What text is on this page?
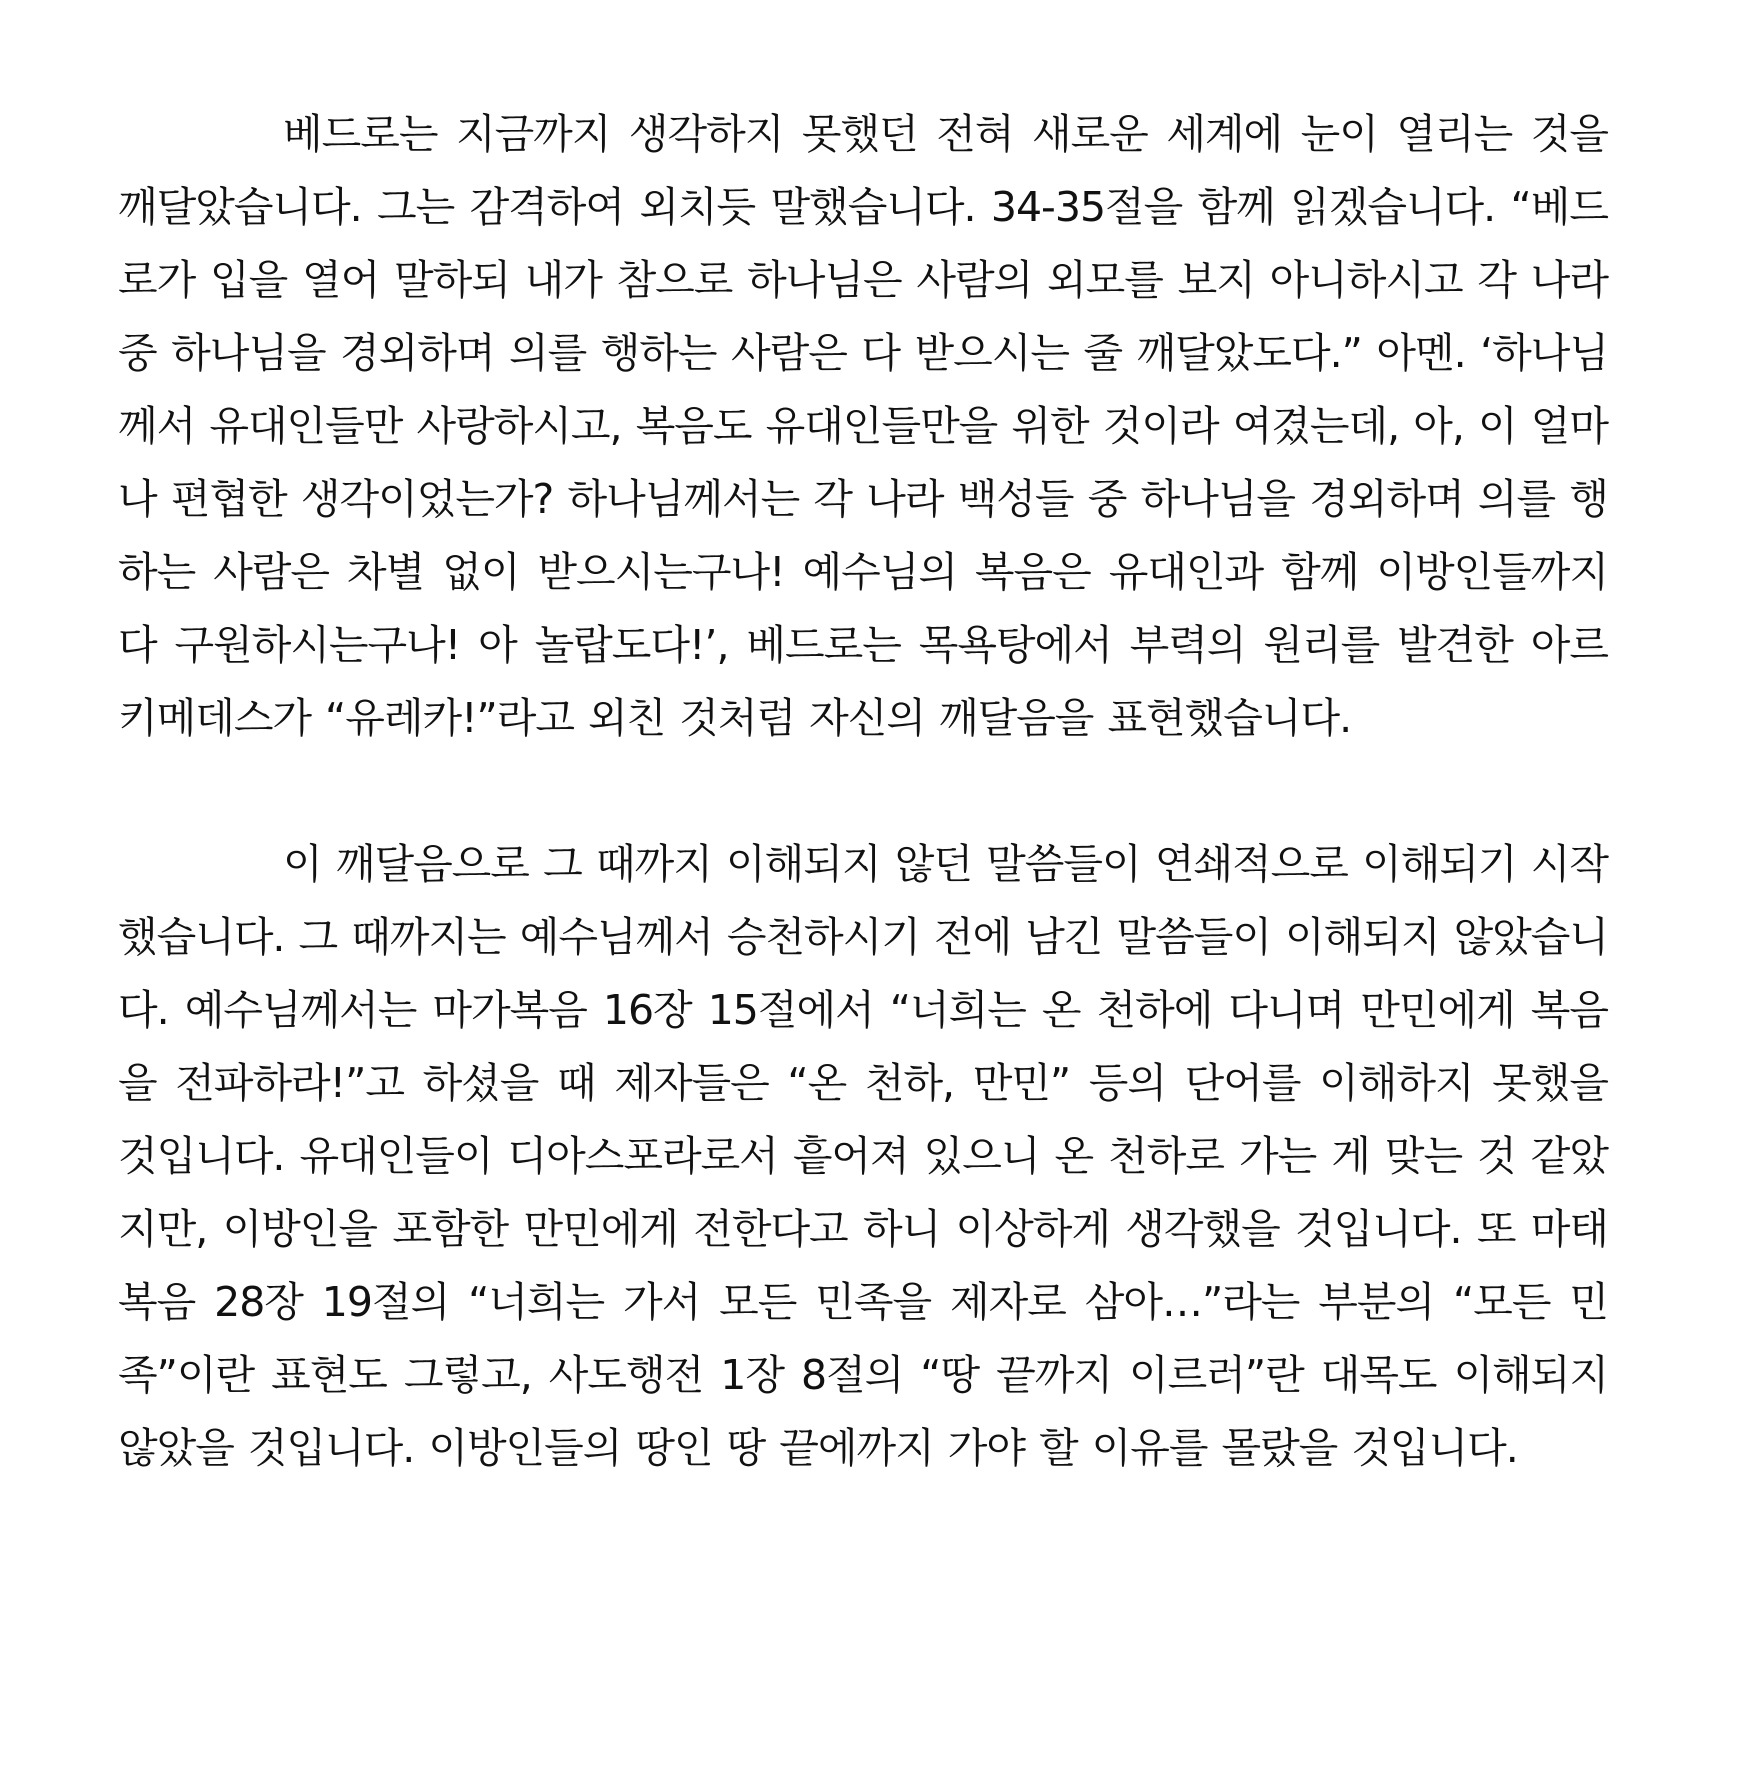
베드로는 지금까지 생각하지 못했던 전혀 새로운 세계에 눈이 열리는 것을 깨달았습니다. 그는 감격하여 외치듯 말했습니다. 34-35절을 함께 읽겠습니다. “베드로가 입을 열어 말하되 내가 참으로 하나님은 사람의 외모를 보지 아니하시고 각 나라 중 하나님을 경외하며 의를 행하는 사람은 다 받으시는 줄 깨달았도다.” 아멘. ‘하나님께서 유대인들만 사랑하시고, 복음도 유대인들만을 위한 것이라 여겼는데, 아, 이 얼마나 편협한 생각이었는가? 하나님께서는 각 나라 백성들 중 하나님을 경외하며 의를 행하는 사람은 차별 없이 받으시는구나! 예수님의 복음은 유대인과 함께 이방인들까지 다 구원하시는구나! 아 놀랍도다!’, 베드로는 목욕탕에서 부력의 원리를 발견한 아르키메데스가 “유레카!”라고 외친 것처럼 자신의 깨달음을 표현했습니다.

이 깨달음으로 그 때까지 이해되지 않던 말씀들이 연쇄적으로 이해되기 시작했습니다. 그 때까지는 예수님께서 승천하시기 전에 남긴 말씀들이 이해되지 않았습니다. 예수님께서는 마가복음 16장 15절에서 “너희는 온 천하에 다니며 만민에게 복음을 전파하라!”고 하셨을 때 제자들은 “온 천하, 만민” 등의 단어를 이해하지 못했을 것입니다. 유대인들이 디아스포라로서 흩어져 있으니 온 천하로 가는 게 맞는 것 같았지만, 이방인을 포함한 만민에게 전한다고 하니 이상하게 생각했을 것입니다. 또 마태복음 28장 19절의 “너희는 가서 모든 민족을 제자로 삼아…”라는 부분의 “모든 민족”이란 표현도 그렇고, 사도행전 1장 8절의 “땅 끝까지 이르러”란 대목도 이해되지 않았을 것입니다. 이방인들의 땅인 땅 끝에까지 가야 할 이유를 몰랐을 것입니다.
